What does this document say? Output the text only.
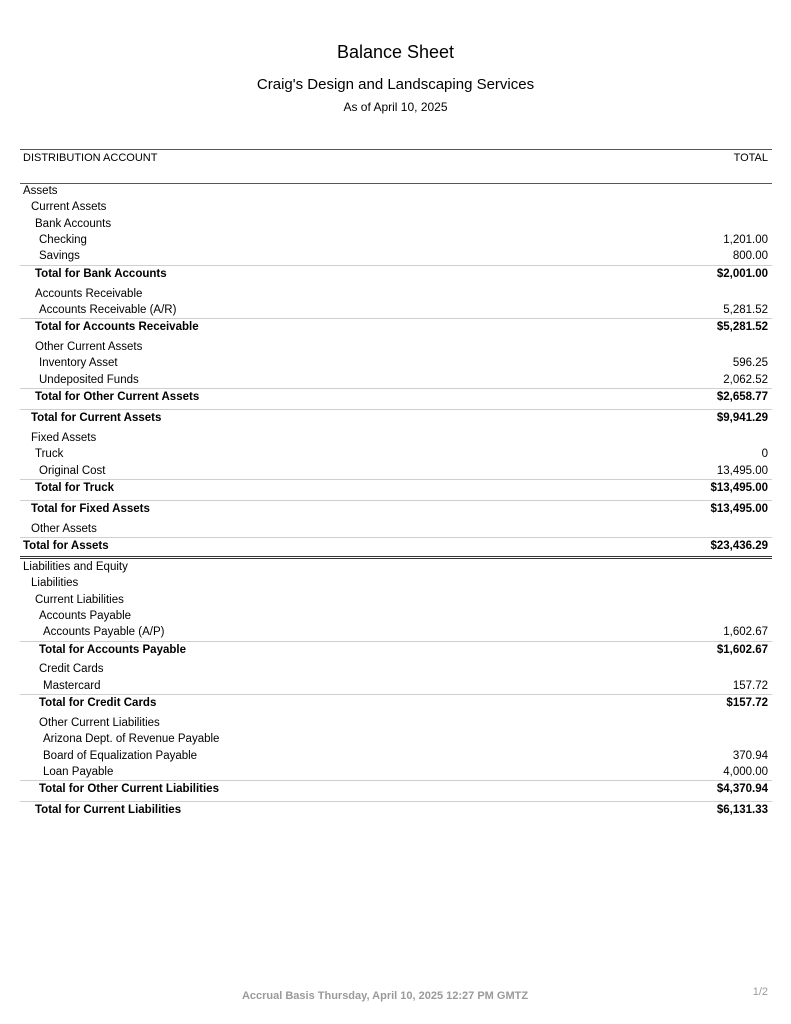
Balance Sheet
Craig's Design and Landscaping Services
As of April 10, 2025
DISTRIBUTION ACCOUNT	TOTAL
Assets
Current Assets
Bank Accounts
Checking	1,201.00
Savings	800.00
Total for Bank Accounts	$2,001.00
Accounts Receivable
Accounts Receivable (A/R)	5,281.52
Total for Accounts Receivable	$5,281.52
Other Current Assets
Inventory Asset	596.25
Undeposited Funds	2,062.52
Total for Other Current Assets	$2,658.77
Total for Current Assets	$9,941.29
Fixed Assets
Truck	0
Original Cost	13,495.00
Total for Truck	$13,495.00
Total for Fixed Assets	$13,495.00
Other Assets
Total for Assets	$23,436.29
Liabilities and Equity
Liabilities
Current Liabilities
Accounts Payable
Accounts Payable (A/P)	1,602.67
Total for Accounts Payable	$1,602.67
Credit Cards
Mastercard	157.72
Total for Credit Cards	$157.72
Other Current Liabilities
Arizona Dept. of Revenue Payable
Board of Equalization Payable	370.94
Loan Payable	4,000.00
Total for Other Current Liabilities	$4,370.94
Total for Current Liabilities	$6,131.33
Accrual Basis Thursday, April 10, 2025 12:27 PM GMTZ	1/2
